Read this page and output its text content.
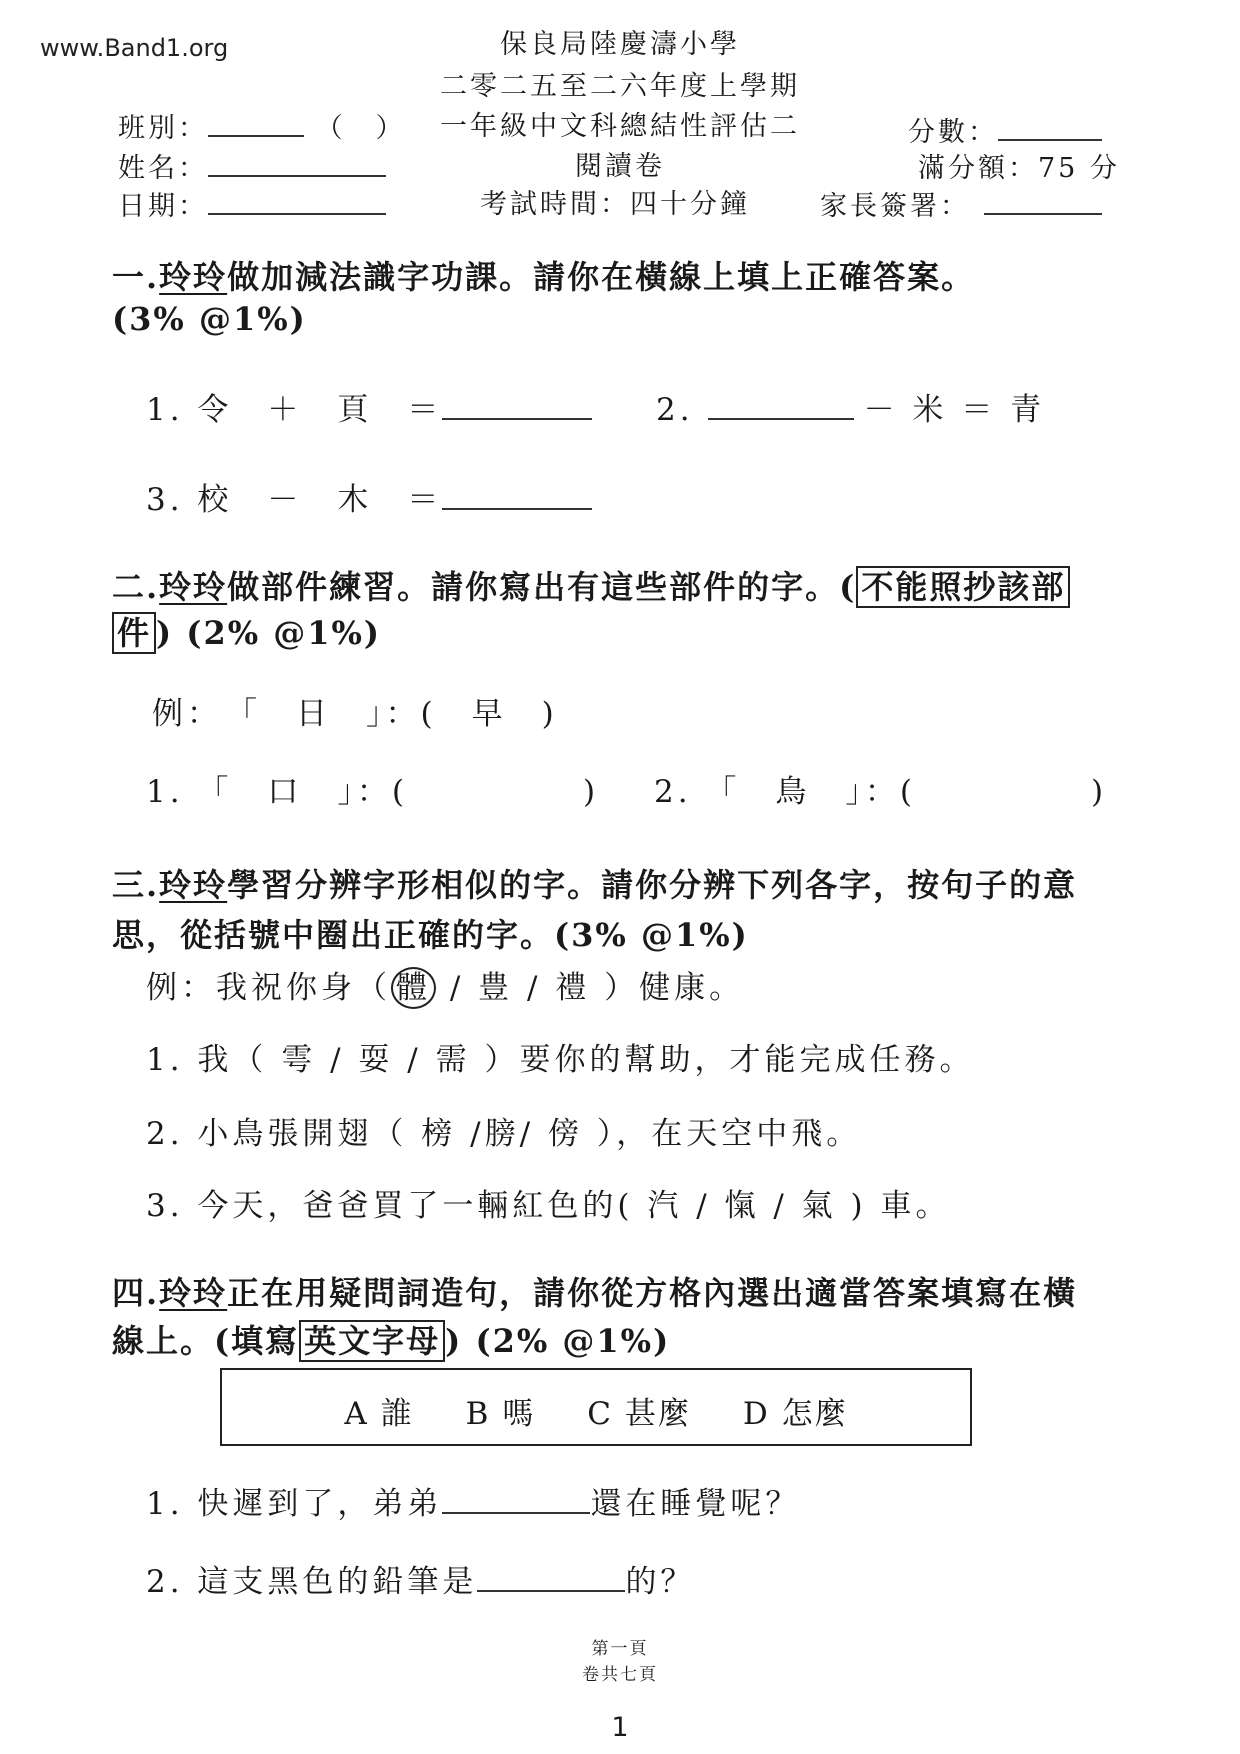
www.Band1.org	保良局陸慶濤小學
二零二五至二六年度上學期
一年級中文科總結性評估二
閱讀卷
考試時間：四十分鐘
班別：	（　）
姓名：
日期：
分數：
滿分額：75 分
家長簽署：
一.玲玲做加減法識字功課。請你在橫線上填上正確答案。
(3% @1%)
1. 令　＋　頁　＝	2.	－ 米 ＝ 青
3. 校　－　木　＝
二.玲玲做部件練習。請你寫出有這些部件的字。( 不能照抄該部
件 ) (2% @1%)
例：　「　日　」：(　早　)
1. 「　口　」：(　　　　　) 2. 「　鳥　」：(　　　　　)
三.玲玲學習分辨字形相似的字。請你分辨下列各字，按句子的意
思，從括號中圈出正確的字。(3% @1%)
例：我祝你身（ 體 / 豊 / 禮 ）健康。
1. 我（ 雩 / 耍 / 需 ）要你的幫助，才能完成任務。
2. 小鳥張開翅（ 榜 /膀/ 傍 ），在天空中飛。
3. 今天，爸爸買了一輛紅色的( 汽 / 愾 / 氣 ) 車。
四.玲玲正在用疑問詞造句，請你從方格內選出適當答案填寫在橫
線上。(填寫 英文字母 ) (2% @1%)
A 誰 B 嗎 C 甚麼 D 怎麼
1. 快遲到了，弟弟	還在睡覺呢？
2. 這支黑色的鉛筆是	的？
第一頁
卷共七頁
1
